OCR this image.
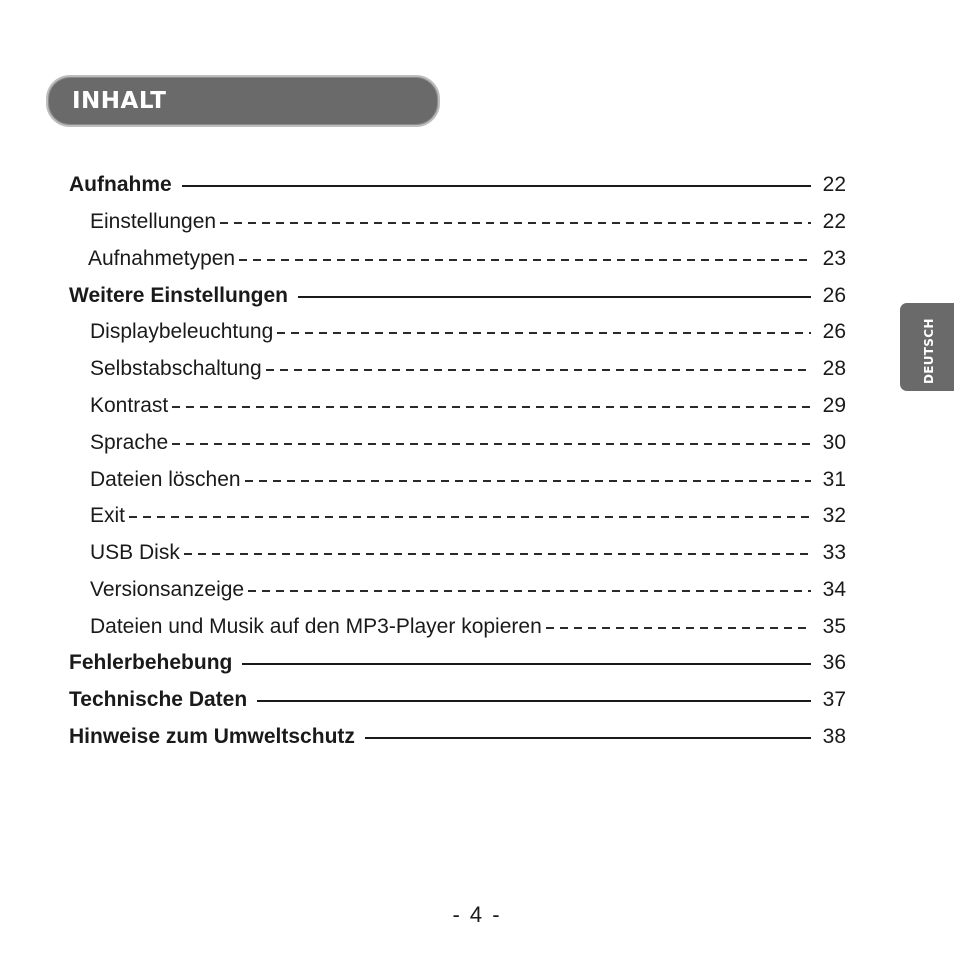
INHALT
DEUTSCH
Aufnahme	22
Einstellungen	22
Aufnahmetypen	23
Weitere Einstellungen	26
Displaybeleuchtung	26
Selbstabschaltung	28
Kontrast	29
Sprache	30
Dateien löschen	31
Exit	32
USB Disk	33
Versionsanzeige	34
Dateien und Musik auf den MP3-Player kopieren	35
Fehlerbehebung	36
Technische Daten	37
Hinweise zum Umweltschutz	38
- 4 -
